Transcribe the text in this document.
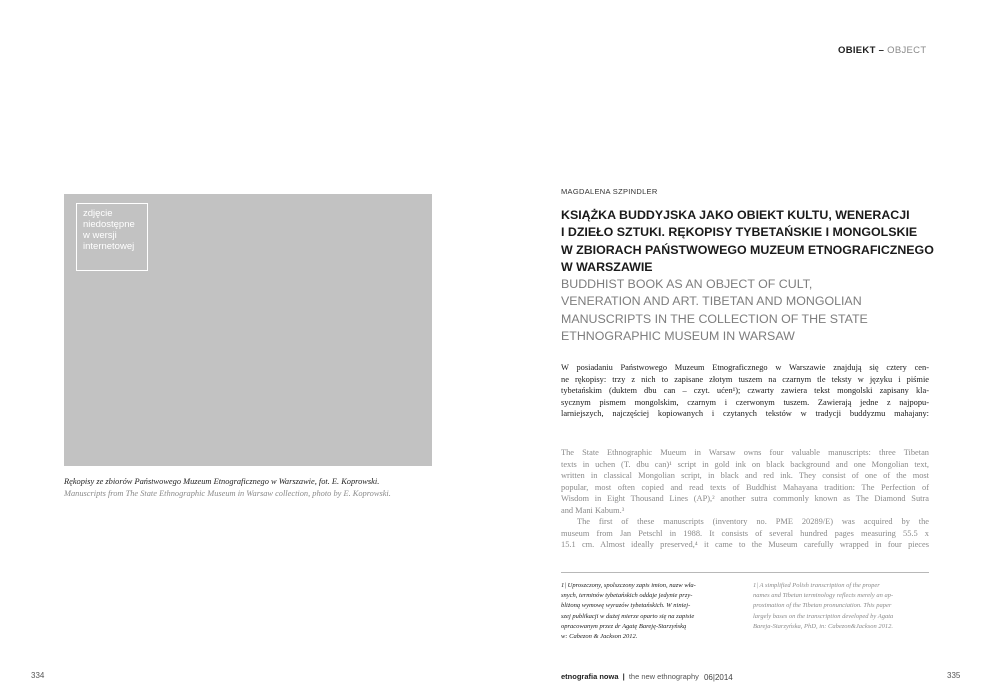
zdjęcie
niedostępne
w wersji
internetowej
Rękopisy ze zbiorów Państwowego Muzeum Etnograficznego w Warszawie, fot. E. Koprowski.
Manuscripts from The State Ethnographic Museum in Warsaw collection, photo by E. Koprowski.
334
OBIEKT – OBJECT
MAGDALENA SZPINDLER
KSIĄŻKA BUDDYJSKA JAKO OBIEKT KULTU, WENERACJI
I DZIEŁO SZTUKI. RĘKOPISY TYBETAŃSKIE I MONGOLSKIE
W ZBIORACH PAŃSTWOWEGO MUZEUM ETNOGRAFICZNEGO
W WARSZAWIE
BUDDHIST BOOK AS AN OBJECT OF CULT,
VENERATION AND ART. TIBETAN AND MONGOLIAN
MANUSCRIPTS IN THE COLLECTION OF THE STATE
ETHNOGRAPHIC MUSEUM IN WARSAW
W posiadaniu Państwowego Muzeum Etnograficznego w Warszawie znajdują się cztery cen-
ne rękopisy: trzy z nich to zapisane złotym tuszem na czarnym tle teksty w języku i piśmie
tybetańskim (duktem dbu can – czyt. ućen¹); czwarty zawiera tekst mongolski zapisany kla-
sycznym pismem mongolskim, czarnym i czerwonym tuszem. Zawierają jedne z najpopu-
larniejszych, najczęściej kopiowanych i czytanych tekstów w tradycji buddyzmu mahajany:
The State Ethnographic Mueum in Warsaw owns four valuable manuscripts: three Tibetan
texts in uchen (T. dbu can)¹ script in gold ink on black background and one Mongolian text,
written in classical Mongolian script, in black and red ink. They consist of one of the most
popular, most often copied and read texts of Buddhist Mahayana tradition: The Perfection of
Wisdom in Eight Thousand Lines (AP),² another sutra commonly known as The Diamond Sutra
and Mani Kabum.³
The first of these manuscripts (inventory no. PME 20289/E) was acquired by the
museum from Jan Petschl in 1988. It consists of several hundred pages measuring 55.5 x
15.1 cm. Almost ideally preserved,⁴ it came to the Museum carefully wrapped in four pieces
1| Uproszczony, spolszczony zapis imion, nazw wła-
snych, terminów tybetańskich oddaje jedynie przy-
bliżoną wymowę wyrazów tybetańskich. W niniej-
szej publikacji w dużej mierze oparto się na zapisie
opracowanym przez dr Agatę Bareję-Starzyńską
w: Cabezon & Jackson 2012.
1| A simplified Polish transcription of the proper
names and Tibetan terminology reflects merely an ap-
proximation of the Tibetan pronunciation. This paper
largely bases on the transcription developed by Agata
Bareja-Starzyńska, PhD, in: Cabezon&Jackson 2012.
etnografia nowa | the new ethnography 06|2014	335
